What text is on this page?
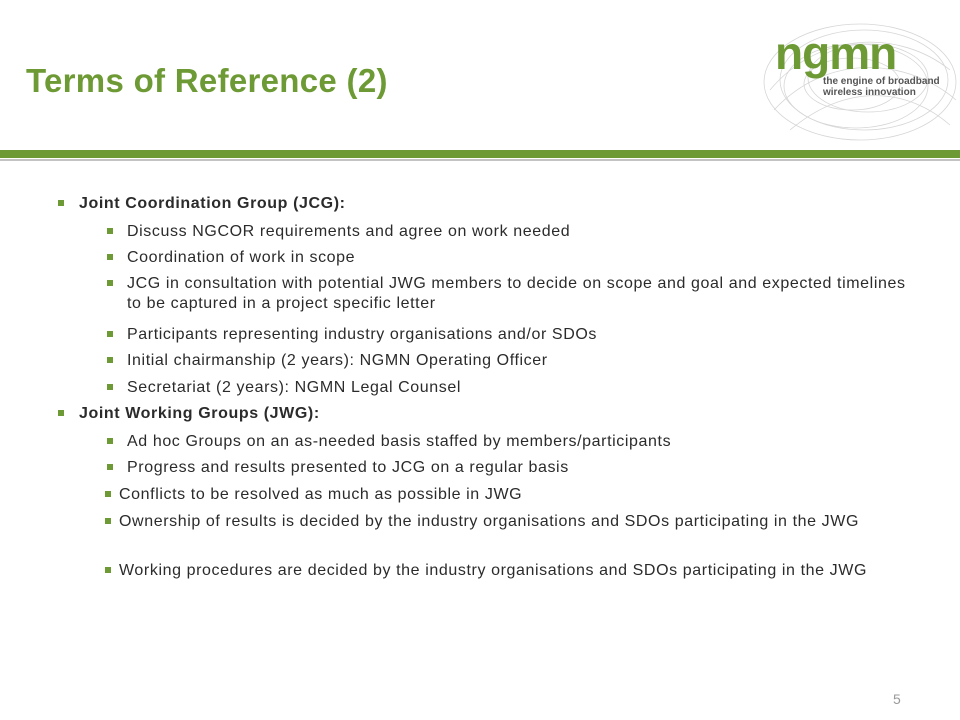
Terms of Reference (2)
ngmn
the engine of broadband
wireless innovation
Joint Coordination Group (JCG):
Discuss NGCOR requirements and agree on work needed
Coordination of work in scope
JCG in consultation with potential JWG members to decide on scope and goal and expected timelines to be captured in a project specific letter
Participants representing industry organisations and/or SDOs
Initial chairmanship (2 years): NGMN Operating Officer
Secretariat (2 years): NGMN Legal Counsel
Joint Working Groups (JWG):
Ad hoc Groups on an as-needed basis staffed by members/participants
Progress and results presented to JCG on a regular basis
Conflicts to be resolved as much as possible in JWG
Ownership of results is decided by the industry organisations and SDOs participating in the JWG
Working procedures are decided by the industry organisations and SDOs participating in the JWG
5
